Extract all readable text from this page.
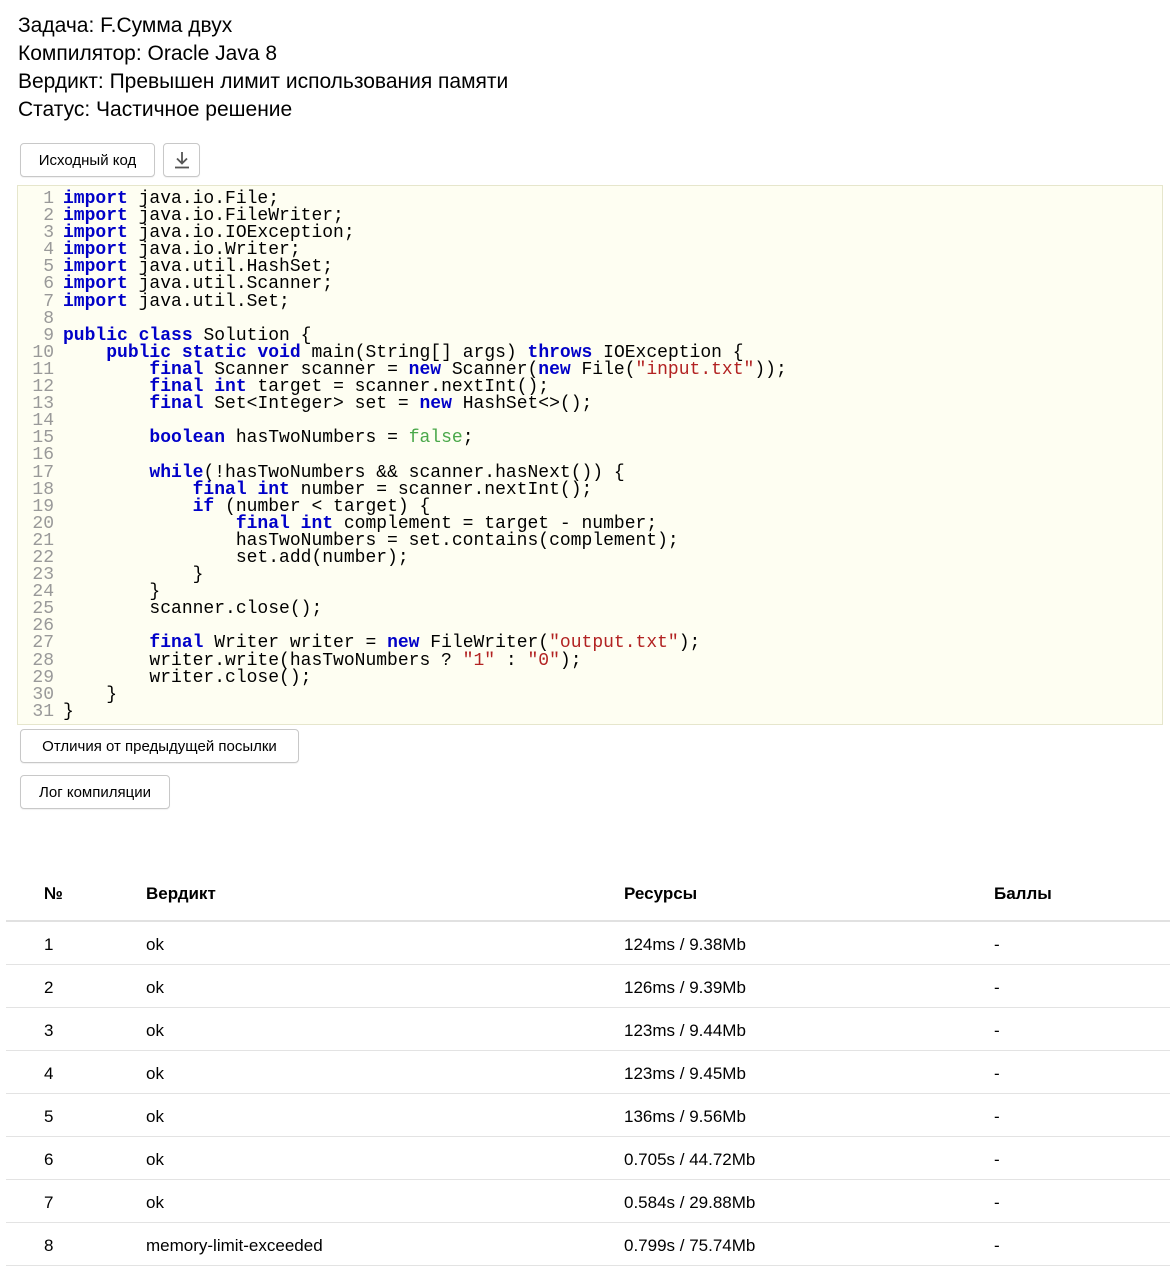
Задача: F.Сумма двух
Компилятор: Oracle Java 8
Вердикт: Превышен лимит использования памяти
Статус: Частичное решение
Исходный код
1 import java.io.File;
2 import java.io.FileWriter;
3 import java.io.IOException;
4 import java.io.Writer;
5 import java.util.HashSet;
6 import java.util.Scanner;
7 import java.util.Set;
8
9 public class Solution {
10	public static void main(String[] args) throws IOException {
11	final Scanner scanner = new Scanner(new File("input.txt"));
12	final int target = scanner.nextInt();
13	final Set<Integer> set = new HashSet<>();
14
15	boolean hasTwoNumbers = false;
16
17	while(!hasTwoNumbers && scanner.hasNext()) {
18	final int number = scanner.nextInt();
19	if (number < target) {
20	final int complement = target - number;
21                hasTwoNumbers = set.contains(complement);
22                set.add(number);
23            }
24        }
25        scanner.close();
26
27	final Writer writer = new FileWriter("output.txt");
28        writer.write(hasTwoNumbers ? "1" : "0");
29        writer.close();
30    }
31 }
Отличия от предыдущей посылки
Лог компиляции
№	Вердикт	Ресурсы	Баллы
1	ok	124ms / 9.38Mb	-
2	ok	126ms / 9.39Mb	-
3	ok	123ms / 9.44Mb	-
4	ok	123ms / 9.45Mb	-
5	ok	136ms / 9.56Mb	-
6	ok	0.705s / 44.72Mb	-
7	ok	0.584s / 29.88Mb	-
8	memory-limit-exceeded	0.799s / 75.74Mb	-
